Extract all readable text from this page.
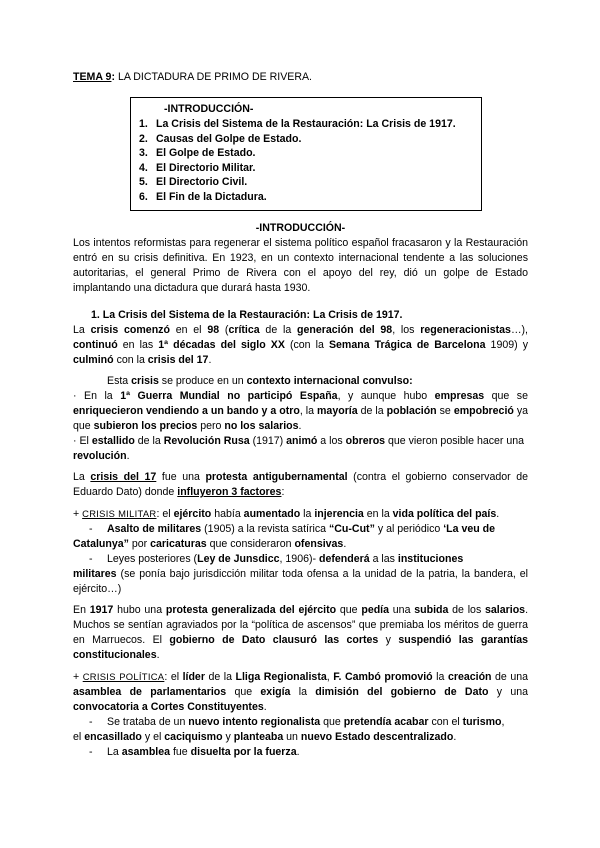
TEMA 9: LA DICTADURA DE PRIMO DE RIVERA.
-INTRODUCCIÓN-
1. La Crisis del Sistema de la Restauración: La Crisis de 1917.
2. Causas del Golpe de Estado.
3. El Golpe de Estado.
4. El Directorio Militar.
5. El Directorio Civil.
6. El Fin de la Dictadura.
-INTRODUCCIÓN-

Los intentos reformistas para regenerar el sistema político español fracasaron y la Restauración entró en su crisis definitiva. En 1923, en un contexto internacional tendente a las soluciones autoritarias, el general Primo de Rivera con el apoyo del rey, dió un golpe de Estado implantando una dictadura que durará hasta 1930.

1. La Crisis del Sistema de la Restauración: La Crisis de 1917.

La crisis comenzó en el 98 (crítica de la generación del 98, los regeneracionistas…), continuó en las 1ª décadas del siglo XX (con la Semana Trágica de Barcelona 1909) y culminó con la crisis del 17.

Esta crisis se produce en un contexto internacional convulso:

· En la 1ª Guerra Mundial no participó España, y aunque hubo empresas que se enriquecieron vendiendo a un bando y a otro, la mayoría de la población se empobreció ya que subieron los precios pero no los salarios.

· El estallido de la Revolución Rusa (1917) animó a los obreros que vieron posible hacer una revolución.

La crisis del 17 fue una protesta antigubernamental (contra el gobierno conservador de Eduardo Dato) donde influyeron 3 factores:

+ CRISIS MILITAR: el ejército había aumentado la injerencia en la vida política del país.

-	Asalto de militares (1905) a la revista satírica “Cu-Cut” y al periódico ‘La veu de

Catalunya” por caricaturas que consideraron ofensivas.

-	Leyes posteriores (Ley de Junsdicc, 1906)- defenderá a las instituciones

militares (se ponía bajo jurisdicción militar toda ofensa a la unidad de la patria, la bandera, el ejército…)

En 1917 hubo una protesta generalizada del ejército que pedía una subida de los salarios. Muchos se sentían agraviados por la “política de ascensos” que premiaba los méritos de guerra en Marruecos. El gobierno de Dato clausuró las cortes y suspendió las garantías constitucionales.

+ CRISIS POLÍTICA: el líder de la Lliga Regionalista, F. Cambó promovió la creación de una asamblea de parlamentarios que exigía la dimisión del gobierno de Dato y una convocatoria a Cortes Constituyentes.

-	Se trataba de un nuevo intento regionalista que pretendía acabar con el turismo,

el encasillado y el caciquismo y planteaba un nuevo Estado descentralizado.

-	La asamblea fue disuelta por la fuerza.
